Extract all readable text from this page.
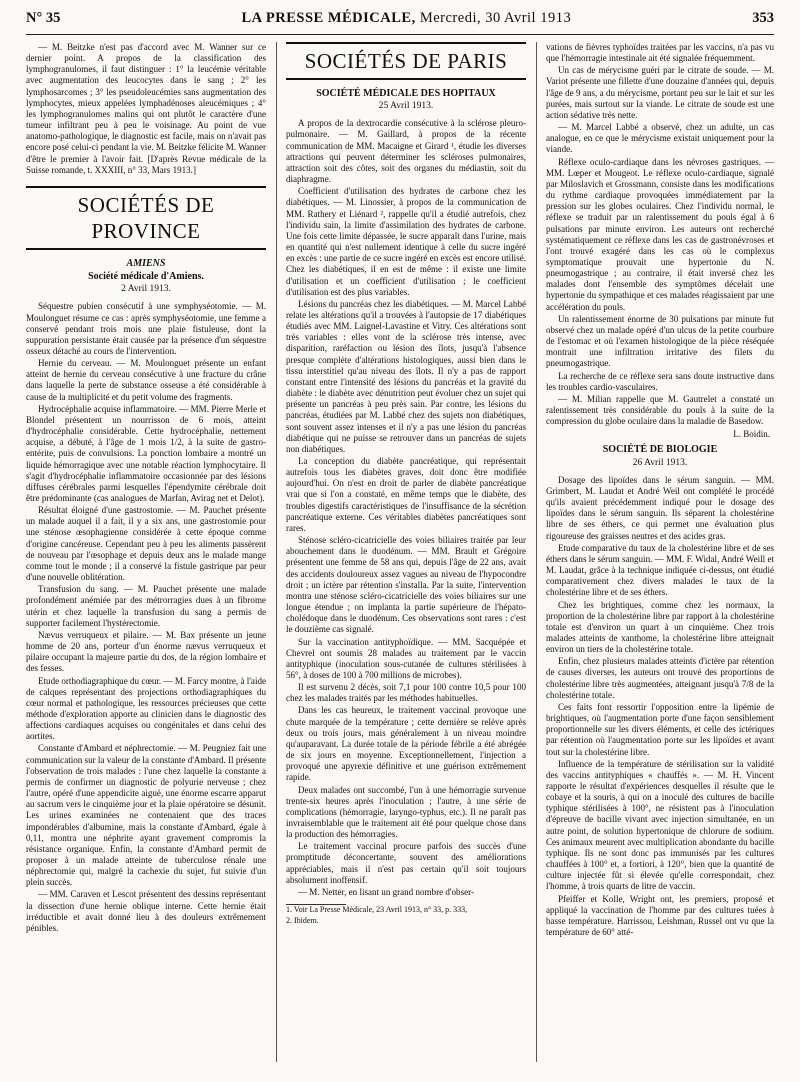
N° 35	LA PRESSE MÉDICALE, Mercredi, 30 Avril 1913	353

— M. Beitzke n'est pas d'accord avec M. Wanner sur ce dernier point. A propos de la classification des lymphogranulomes, il faut distinguer : 1° la leucémie véritable avec augmentation des leucocytes dans le sang ; 2° les lymphosarcomes ; 3° les pseudoleucémies sans augmentation des lymphocytes, mieux appelées lymphadénoses aleucémiques ; 4° les lymphogranulomes malins qui ont plutôt le caractère d'une tumeur infiltrant peu à peu le voisinage. Au point de vue anatomo-pathologique, le diagnostic est facile, mais on n'avait pas encore posé celui-ci pendant la vie. M. Beitzke félicite M. Wanner d'être le premier à l'avoir fait. [D'après Revue médicale de la Suisse romande, t. XXXIII, n° 33, Mars 1913.]

SOCIÉTÉS DE PROVINCE
AMIENS
Société médicale d'Amiens.
2 Avril 1913.

Séquestre pubien consécutif à une symphyséotomie. — M. Moulonguet résume ce cas : après symphyséotomie, une femme a conservé pendant trois mois une plaie fistuleuse, dont la suppuration persistante était causée par la présence d'un séquestre osseux détaché au cours de l'intervention.

Hernie du cerveau. — M. Moulonguet présente un enfant atteint de hernie du cerveau consécutive à une fracture du crâne dans laquelle la perte de substance osseuse a été considérable à cause de la multiplicité et du petit volume des fragments.

Hydrocéphalie acquise inflammatoire. — MM. Pierre Merle et Blondel présentent un nourrisson de 6 mois, atteint d'hydrocéphalie considérable. Cette hydrocéphalie, nettement acquise, a débuté, à l'âge de 1 mois 1/2, à la suite de gastro-entérite, puis de convulsions. La ponction lombaire a montré un liquide hémorragique avec une notable réaction lymphocytaire. Il s'agit d'hydrocéphalie inflammatoire occasionnée par des lésions diffuses cérébrales parmi lesquelles l'épendymite cérébrale doit être prédominante (cas analogues de Marfan, Avirag net et Delot).

Résultat éloigné d'une gastrostomie. — M. Pauchet présente un malade auquel il a fait, il y a six ans, une gastrostomie pour une sténose œsophagienne considérée à cette époque comme d'origine cancéreuse. Cependant peu à peu les aliments passèrent de nouveau par l'œsophage et depuis deux ans le malade mange comme tout le monde ; il a conservé la fistule gastrique par peur d'une nouvelle oblitération.

Transfusion du sang. — M. Pauchet présente une malade profondément anémiée par des métrorragies dues à un fibrome utérin et chez laquelle la transfusion du sang a permis de supporter facilement l'hystérectomie.

Nævus verruqueux et pilaire. — M. Bax présente un jeune homme de 20 ans, porteur d'un énorme nævus verruqueux et pilaire occupant la majeure partie du dos, de la région lombaire et des fesses.

Etude orthodiagraphique du cœur. — M. Farcy montre, à l'aide de calques représentant des projections orthodiagraphiques du cœur normal et pathologique, les ressources précieuses que cette méthode d'exploration apporte au clinicien dans le diagnostic des affections cardiaques acquises ou congénitales et dans celui des aortites.

Constante d'Ambard et néphrectomie. — M. Peugniez fait une communication sur la valeur de la constante d'Ambard. Il présente l'observation de trois malades : l'une chez laquelle la constante a permis de confirmer un diagnostic de polyurie nerveuse ; chez l'autre, opéré d'une appendicite aiguë, une énorme escarre apparut au sacrum vers le cinquième jour et la plaie opératoire se désunit. Les urines examinées ne contenaient que des traces impondérables d'albumine, mais la constante d'Ambard, égale à 0,11, montra une néphrite ayant gravement compromis la résistance organique. Enfin, la constante d'Ambard permit de proposer à un malade atteinte de tuberculose rénale une néphrectomie qui, malgré la cachexie du sujet, fut suivie d'un plein succès.

— MM. Caraven et Lescot présentent des dessins représentant la dissection d'une hernie oblique interne. Cette hernie était irréductible et avait donné lieu à des douleurs extrêmement pénibles.

SOCIÉTÉS DE PARIS
SOCIÉTÉ MÉDICALE DES HOPITAUX
25 Avril 1913.

A propos de la dextrocardie consécutive à la sclérose pleuro-pulmonaire. — M. Gaillard, à propos de la récente communication de MM. Macaigne et Girard ¹, étudie les diverses attractions qui peuvent déterminer les scléroses pulmonaires, attraction soit des côtes, soit des organes du médiastin, soit du diaphragme.

Coefficient d'utilisation des hydrates de carbone chez les diabétiques. — M. Linossier, à propos de la communication de MM. Rathery et Liénard ², rappelle qu'il a étudié autrefois, chez l'individu sain, la limite d'assimilation des hydrates de carbone. Une fois cette limite dépassée, le sucre apparaît dans l'urine, mais en quantité qui n'est nullement identique à celle du sucre ingéré en excès : une partie de ce sucre ingéré en excès est encore utilisé. Chez les diabétiques, il en est de même : il existe une limite d'utilisation et un coefficient d'utilisation ; le coefficient d'utilisation est des plus variables.

Lésions du pancréas chez les diabétiques. — M. Marcel Labbé relate les altérations qu'il a trouvées à l'autopsie de 17 diabétiques étudiés avec MM. Laignel-Lavastine et Vitry. Ces altérations sont très variables : elles vont de la sclérose très intense, avec disparition, raréfaction ou lésion des îlots, jusqu'à l'absence presque complète d'altérations histologiques, aussi bien dans le tissu interstitiel qu'au niveau des îlots. Il n'y a pas de rapport constant entre l'intensité des lésions du pancréas et la gravité du diabète : le diabète avec dénutrition peut évoluer chez un sujet qui présente un pancréas à peu près sain. Par contre, les lésions du pancréas, étudiées par M. Labbé chez des sujets non diabétiques, sont souvent assez intenses et il n'y a pas une lésion du pancréas diabétique qui ne puisse se retrouver dans un pancréas de sujets non diabétiques.

La conception du diabète pancréatique, qui représentait autrefois tous les diabètes graves, doit donc être modifiée aujourd'hui. On n'est en droit de parler de diabète pancréatique vrai que si l'on a constaté, en même temps que le diabète, des troubles digestifs caractéristiques de l'insuffisance de la sécrétion pancréatique externe. Ces véritables diabètes pancréatiques sont rares.

Sténose scléro-cicatricielle des voies biliaires traitée par leur abouchement dans le duodénum. — MM. Brault et Grégoire présentent une femme de 58 ans qui, depuis l'âge de 22 ans, avait des accidents douloureux assez vagues au niveau de l'hypocondre droit ; un ictère par rétention s'installa. Par la suite, l'intervention montra une sténose scléro-cicatricielle des voies biliaires sur une longue étendue ; on implanta la partie supérieure de l'hépato-cholédoque dans le duodénum. Ces observations sont rares : c'est le douzième cas signalé.

Sur la vaccination antityphoïdique. — MM. Sacquépée et Chevrel ont soumis 28 malades au traitement par le vaccin antityphique (inoculation sous-cutanée de cultures stérilisées à 56°, à doses de 100 à 700 millions de microbes).

Il est survenu 2 décès, soit 7,1 pour 100 contre 10,5 pour 100 chez les malades traités par les méthodes habituelles.

Dans les cas heureux, le traitement vaccinal provoque une chute marquée de la température ; cette dernière se relève après deux ou trois jours, mais généralement à un niveau moindre qu'auparavant. La durée totale de la période fébrile a été abrégée de six jours en moyenne. Exceptionnellement, l'injection a provoqué une apyrexie définitive et une guérison extrêmement rapide.

Deux malades ont succombé, l'un à une hémorragie survenue trente-six heures après l'inoculation ; l'autre, à une série de complications (hémorragie, laryngo-typhus, etc.). Il ne paraît pas invraisemblable que le traitement ait été pour quelque chose dans la production des hémorragies.

Le traitement vaccinal procure parfois des succès d'une promptitude déconcertante, souvent des améliorations appréciables, mais il n'est pas certain qu'il soit toujours absolument inoffensif.

— M. Netter, en lisant un grand nombre d'obser-

1. Voir La Presse Médicale, 23 Avril 1913, n° 33, p. 333,

2. Ibidem.

vations de fièvres typhoïdes traitées par les vaccins, n'a pas vu que l'hémorragie intestinale ait été signalée fréquemment.

Un cas de mérycisme guéri par le citrate de soude. — M. Variot présente une fillette d'une douzaine d'années qui, depuis l'âge de 9 ans, a du mérycisme, portant peu sur le lait et sur les purées, mais surtout sur la viande. Le citrate de soude est une action sédative très nette.

— M. Marcel Labbé a observé, chez un adulte, un cas analogue, en ce que le mérycisme existait uniquement pour la viande.

Réflexe oculo-cardiaque dans les névroses gastriques. — MM. Lœper et Mougeot. Le réflexe oculo-cardiaque, signalé par Miloslavich et Grossmann, consiste dans les modifications du rythme cardiaque provoquées immédiatement par la pression sur les globes oculaires. Chez l'individu normal, le réflexe se traduit par un ralentissement du pouls égal à 6 pulsations par minute environ. Les auteurs ont recherché systématiquement ce réflexe dans les cas de gastronévroses et l'ont trouvé exagéré dans les cas où le complexus symptomatique prouvait une hypertonie du N. pneumogastrique ; au contraire, il était inversé chez les malades dont l'ensemble des symptômes décelait une hypertonie du sympathique et ces malades réagissaient par une accélération du pouls.

Un ralentissement énorme de 30 pulsations par minute fut observé chez un malade opéré d'un ulcus de la petite courbure de l'estomac et où l'examen histologique de la pièce réséquée montrait une infiltration irritative des filets du pneumogastrique.

La recherche de ce réflexe sera sans doute instructive dans les troubles cardio-vasculaires.

— M. Milian rappelle que M. Gautrelet a constaté un ralentissement très considérable du pouls à la suite de la compression du globe oculaire dans la maladie de Basedow.

L. Boidin.
SOCIÉTÉ DE BIOLOGIE
26 Avril 1913.

Dosage des lipoïdes dans le sérum sanguin. — MM. Grimbert, M. Laudat et André Weil ont complété le procédé qu'ils avaient précédemment indiqué pour le dosage des lipoïdes dans le sérum sanguin. Ils séparent la cholestérine libre de ses éthers, ce qui permet une évaluation plus rigoureuse des graisses neutres et des acides gras.

Etude comparative du taux de la cholestérine libre et de ses éthers dans le sérum sanguin. — MM. F. Widal, André Weill et M. Laudat, grâce à la technique indiquée ci-dessus, ont étudié comparativement chez divers malades le taux de la cholestérine libre et de ses éthers.

Chez les brightiques, comme chez les normaux, la proportion de la cholestérine libre par rapport à la cholestérine totale est d'environ un quart à un cinquième. Chez trois malades atteints de xanthome, la cholestérine libre atteignait environ un tiers de la cholestérine totale.

Enfin, chez plusieurs malades atteints d'ictère par rétention de causes diverses, les auteurs ont trouvé des proportions de cholestérine libre très augmentées, atteignant jusqu'à 7/8 de la cholestérine totale.

Ces faits font ressortir l'opposition entre la lipémie de brightiques, où l'augmentation porte d'une façon sensiblement proportionnelle sur les divers éléments, et celle des ictériques par rétention où l'augmentation porte sur les lipoïdes et avant tout sur la cholestérine libre.

Influence de la température de stérilisation sur la validité des vaccins antityphiques « chauffés ». — M. H. Vincent rapporte le résultat d'expériences desquelles il résulte que le cobaye et la souris, à qui on a inoculé des cultures de bacille typhique stérilisées à 100°, ne résistent pas à l'inoculation d'épreuve de bacille vivant avec injection simultanée, en un autre point, de solution hypertonique de chlorure de sodium. Ces animaux meurent avec multiplication abondante du bacille typhique. Ils ne sont donc pas immunisés par les cultures chauffées à 100° et, a fortiori, à 120°, bien que la quantité de culture injectée fût si élevée qu'elle correspondait, chez l'homme, à trois quarts de litre de vaccin.

Pfeiffer et Kolle, Wright ont, les premiers, proposé et appliqué la vaccination de l'homme par des cultures tuées à basse température. Harrissou, Leishman, Russel ont vu que la température de 60° atté-
